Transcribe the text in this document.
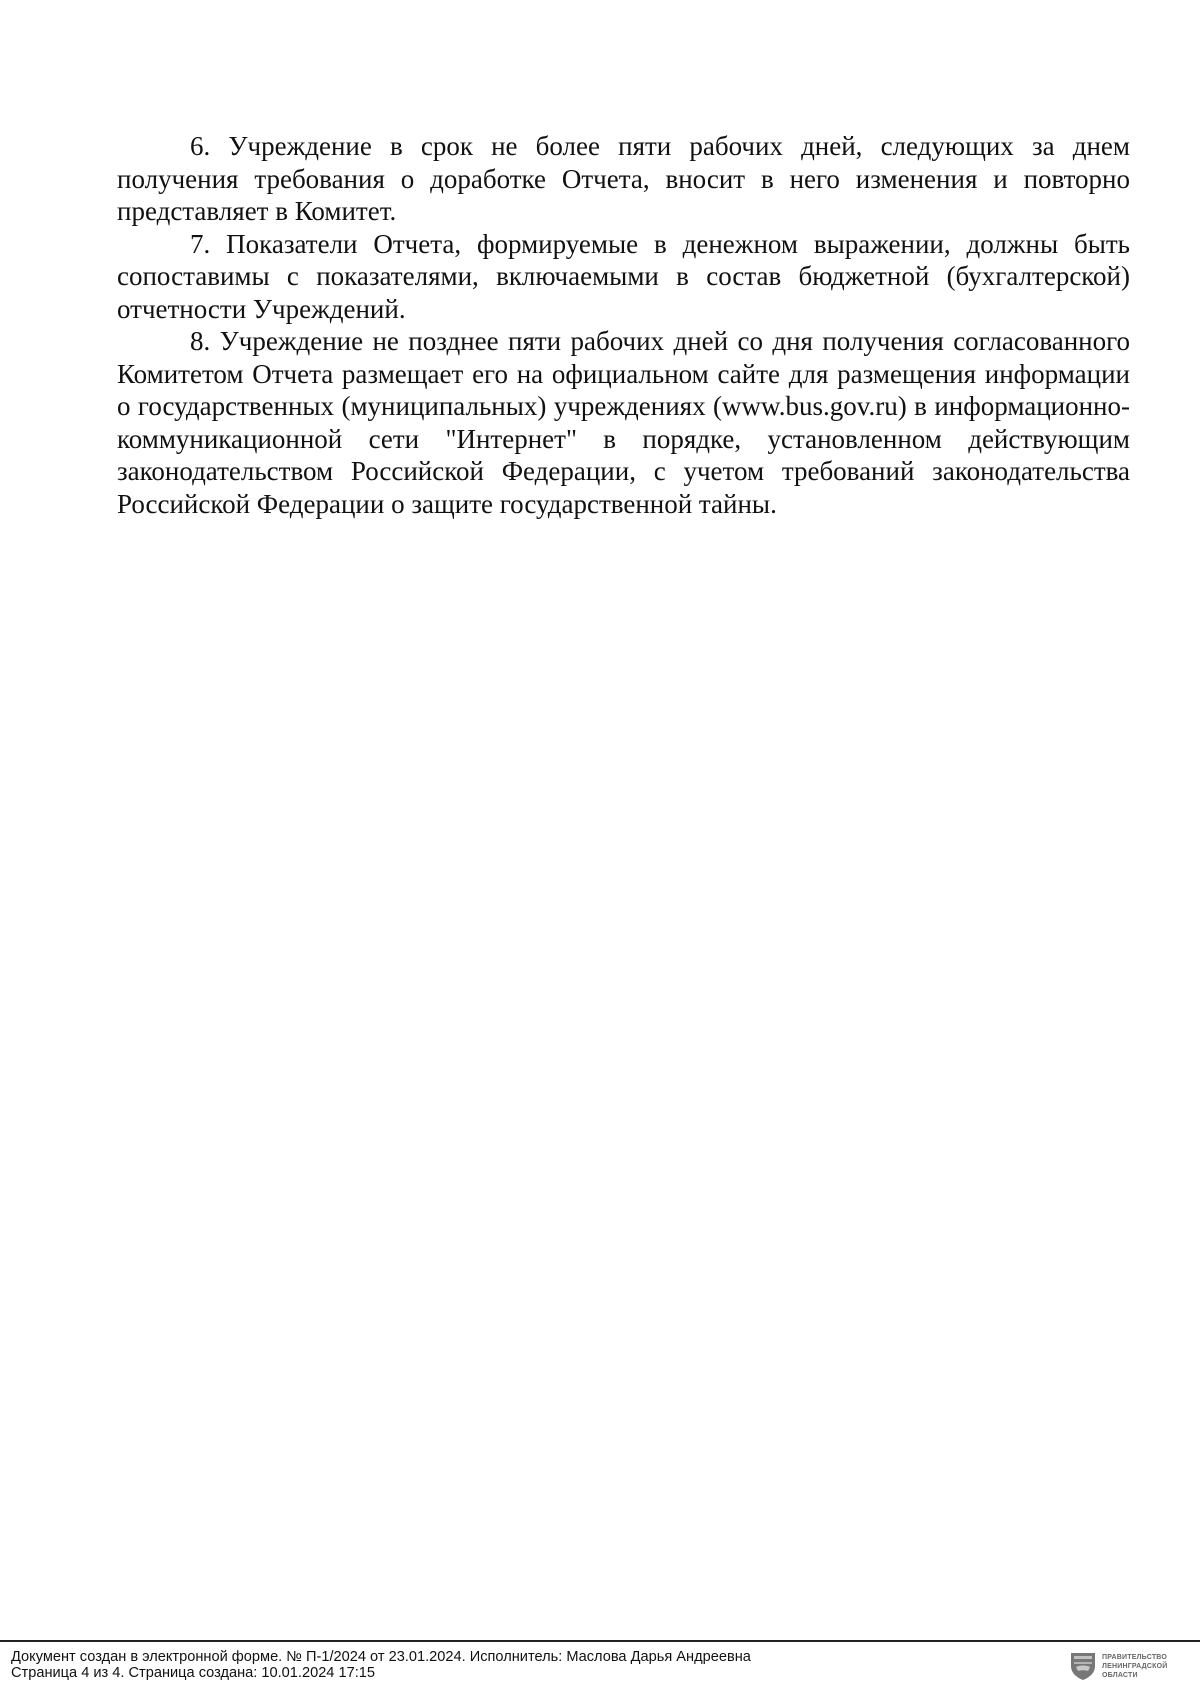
6. Учреждение в срок не более пяти рабочих дней, следующих за днем получения требования о доработке Отчета, вносит в него изменения и повторно представляет в Комитет.

7. Показатели Отчета, формируемые в денежном выражении, должны быть сопоставимы с показателями, включаемыми в состав бюджетной (бухгалтерской) отчетности Учреждений.

8. Учреждение не позднее пяти рабочих дней со дня получения согласованного Комитетом Отчета размещает его на официальном сайте для размещения информации о государственных (муниципальных) учреждениях (www.bus.gov.ru) в информационно-коммуникационной сети "Интернет" в порядке, установленном действующим законодательством Российской Федерации, с учетом требований законодательства Российской Федерации о защите государственной тайны.

Документ создан в электронной форме. № П-1/2024 от 23.01.2024. Исполнитель: Маслова Дарья Андреевна
Страница 4 из 4. Страница создана: 10.01.2024 17:15
ПРАВИТЕЛЬСТВО
ЛЕНИНГРАДСКОЙ
ОБЛАСТИ
